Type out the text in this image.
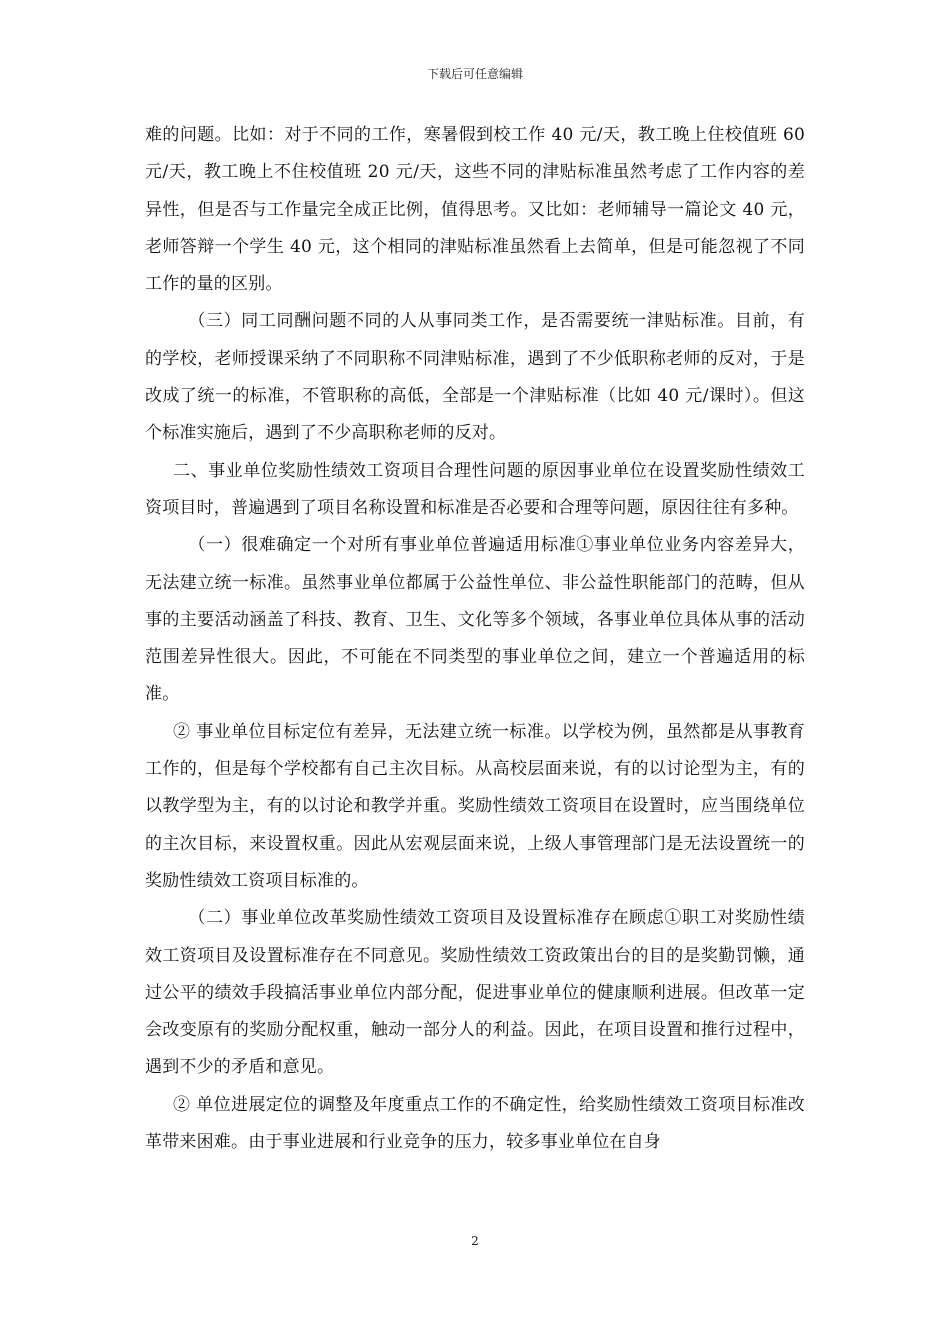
下载后可任意编辑

难的问题。比如：对于不同的工作，寒暑假到校工作 40 元/天，教工晚上住校值班 60 元/天，教工晚上不住校值班 20 元/天，这些不同的津贴标准虽然考虑了工作内容的差异性，但是否与工作量完全成正比例，值得思考。又比如：老师辅导一篇论文 40 元，老师答辩一个学生 40 元，这个相同的津贴标准虽然看上去简单，但是可能忽视了不同工作的量的区别。

（三）同工同酬问题不同的人从事同类工作，是否需要统一津贴标准。目前，有的学校，老师授课采纳了不同职称不同津贴标准，遇到了不少低职称老师的反对，于是改成了统一的标准，不管职称的高低，全部是一个津贴标准（比如 40 元/课时）。但这个标准实施后，遇到了不少高职称老师的反对。

二、事业单位奖励性绩效工资项目合理性问题的原因事业单位在设置奖励性绩效工资项目时，普遍遇到了项目名称设置和标准是否必要和合理等问题，原因往往有多种。

（一）很难确定一个对所有事业单位普遍适用标准①事业单位业务内容差异大，无法建立统一标准。虽然事业单位都属于公益性单位、非公益性职能部门的范畴，但从事的主要活动涵盖了科技、教育、卫生、文化等多个领域，各事业单位具体从事的活动范围差异性很大。因此，不可能在不同类型的事业单位之间，建立一个普遍适用的标准。

② 事业单位目标定位有差异，无法建立统一标准。以学校为例，虽然都是从事教育工作的，但是每个学校都有自己主次目标。从高校层面来说，有的以讨论型为主，有的以教学型为主，有的以讨论和教学并重。奖励性绩效工资项目在设置时，应当围绕单位的主次目标，来设置权重。因此从宏观层面来说，上级人事管理部门是无法设置统一的奖励性绩效工资项目标准的。

（二）事业单位改革奖励性绩效工资项目及设置标准存在顾虑①职工对奖励性绩效工资项目及设置标准存在不同意见。奖励性绩效工资政策出台的目的是奖勤罚懒，通过公平的绩效手段搞活事业单位内部分配，促进事业单位的健康顺利进展。但改革一定会改变原有的奖励分配权重，触动一部分人的利益。因此，在项目设置和推行过程中，遇到不少的矛盾和意见。

② 单位进展定位的调整及年度重点工作的不确定性，给奖励性绩效工资项目标准改革带来困难。由于事业进展和行业竞争的压力，较多事业单位在自身

2
